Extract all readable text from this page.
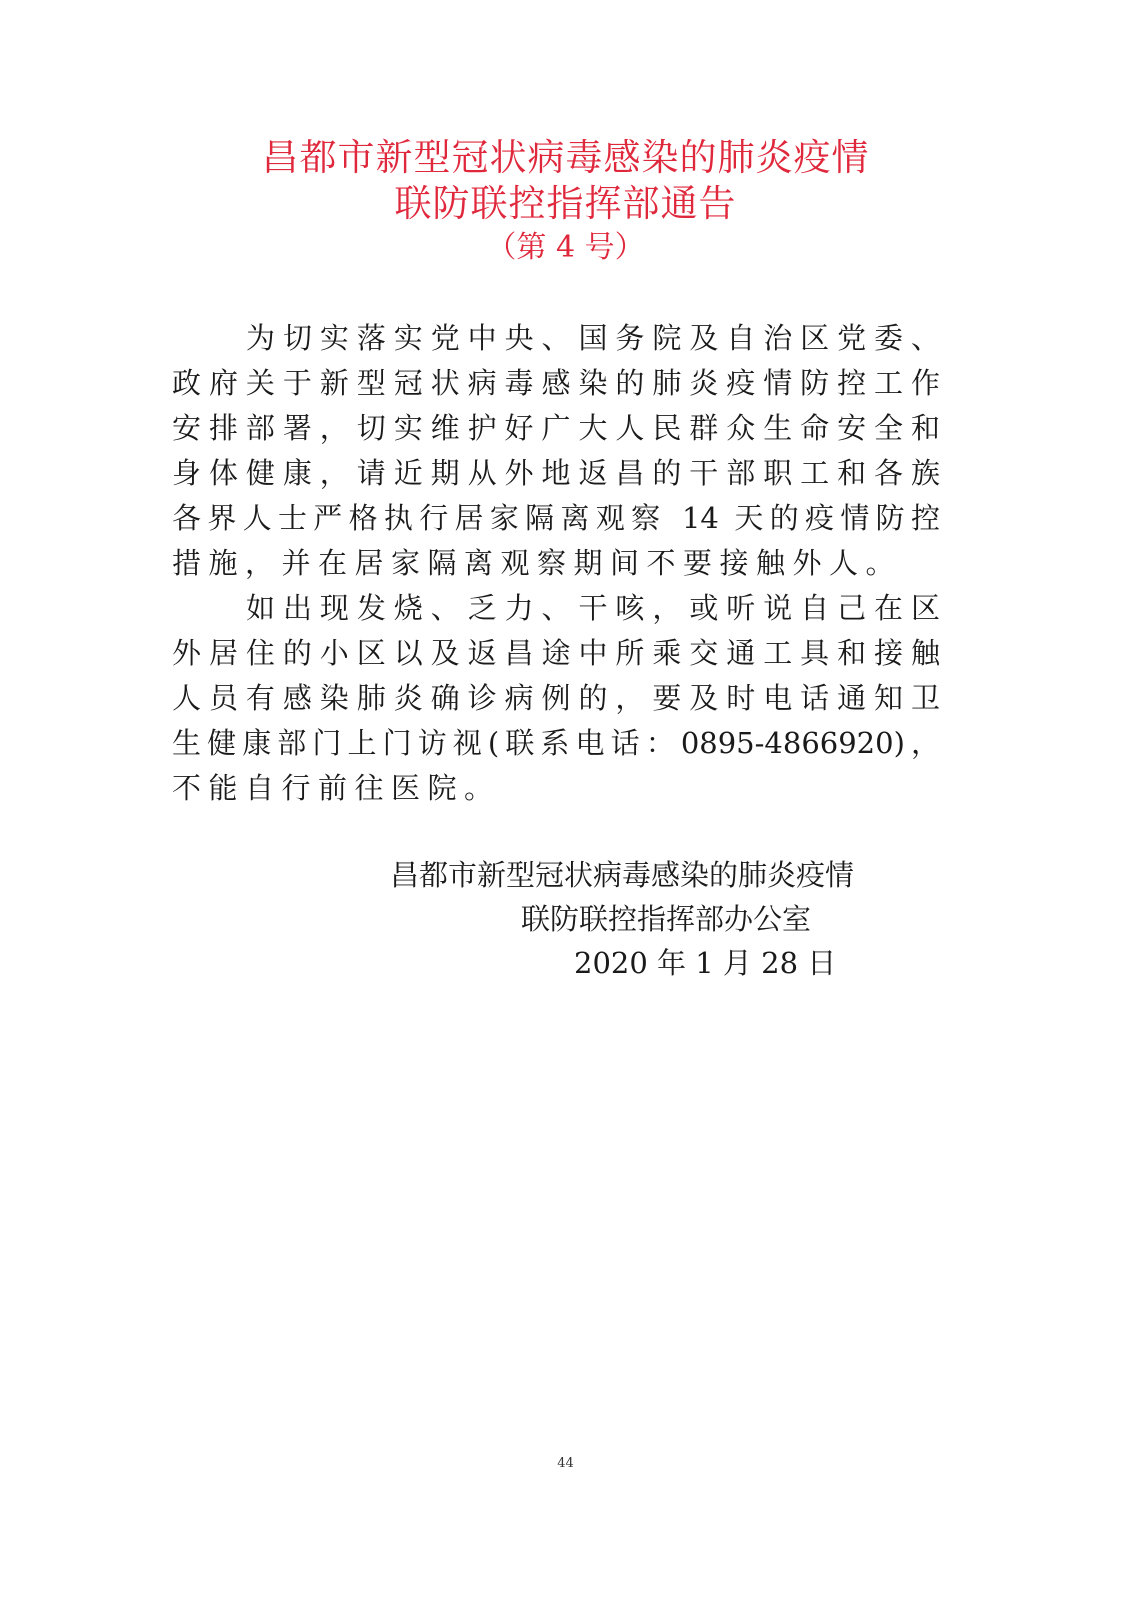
昌都市新型冠状病毒感染的肺炎疫情
联防联控指挥部通告
（第 4 号）
为切实落实党中央、国务院及自治区党委、
政府关于新型冠状病毒感染的肺炎疫情防控工作
安排部署，切实维护好广大人民群众生命安全和
身体健康，请近期从外地返昌的干部职工和各族
各界人士严格执行居家隔离观察 14 天的疫情防控
措施，并在居家隔离观察期间不要接触外人。
如出现发烧、乏力、干咳，或听说自己在区
外居住的小区以及返昌途中所乘交通工具和接触
人员有感染肺炎确诊病例的，要及时电话通知卫
生健康部门上门访视(联系电话：0895-4866920)，
不能自行前往医院。
昌都市新型冠状病毒感染的肺炎疫情
联防联控指挥部办公室
2020 年 1 月 28 日
44
